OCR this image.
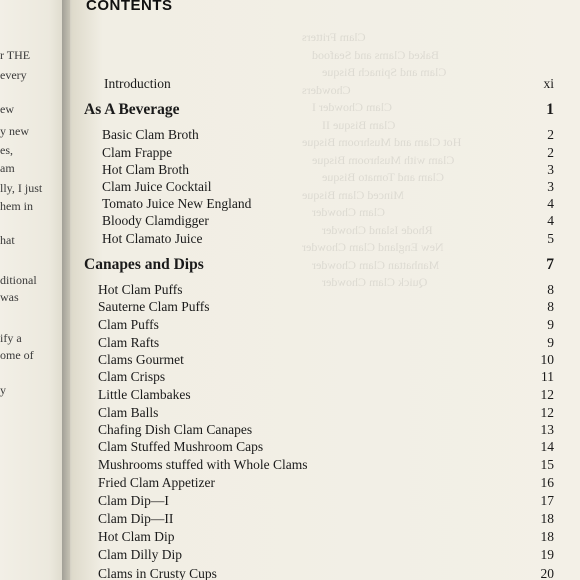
r THE
every
ew
y new
es,
am
lly, I just
hem in
hat
ditional
was
ify a
ome of
y
Clam Fritters
Baked Clams and Seafood
Clam and Spinach Bisque
Chowders
Clam Chowder I
Clam Bisque II
Hot Clam and Mushroom Bisque
Clam with Mushroom Bisque
Clam and Tomato Bisque
Minced Clam Bisque
Clam Chowder
Rhode Island Chowder
New England Clam Chowder
Manhattan Clam Chowder
Quick Clam Chowder
CONTENTS
Introduction	xi
As A Beverage	1
Basic Clam Broth	2
Clam Frappe	2
Hot Clam Broth	3
Clam Juice Cocktail	3
Tomato Juice New England	4
Bloody Clamdigger	4
Hot Clamato Juice	5
Canapes and Dips	7
Hot Clam Puffs	8
Sauterne Clam Puffs	8
Clam Puffs	9
Clam Rafts	9
Clams Gourmet	10
Clam Crisps	11
Little Clambakes	12
Clam Balls	12
Chafing Dish Clam Canapes	13
Clam Stuffed Mushroom Caps	14
Mushrooms stuffed with Whole Clams	15
Fried Clam Appetizer	16
Clam Dip—I	17
Clam Dip—II	18
Hot Clam Dip	18
Clam Dilly Dip	19
Clams in Crusty Cups	20
